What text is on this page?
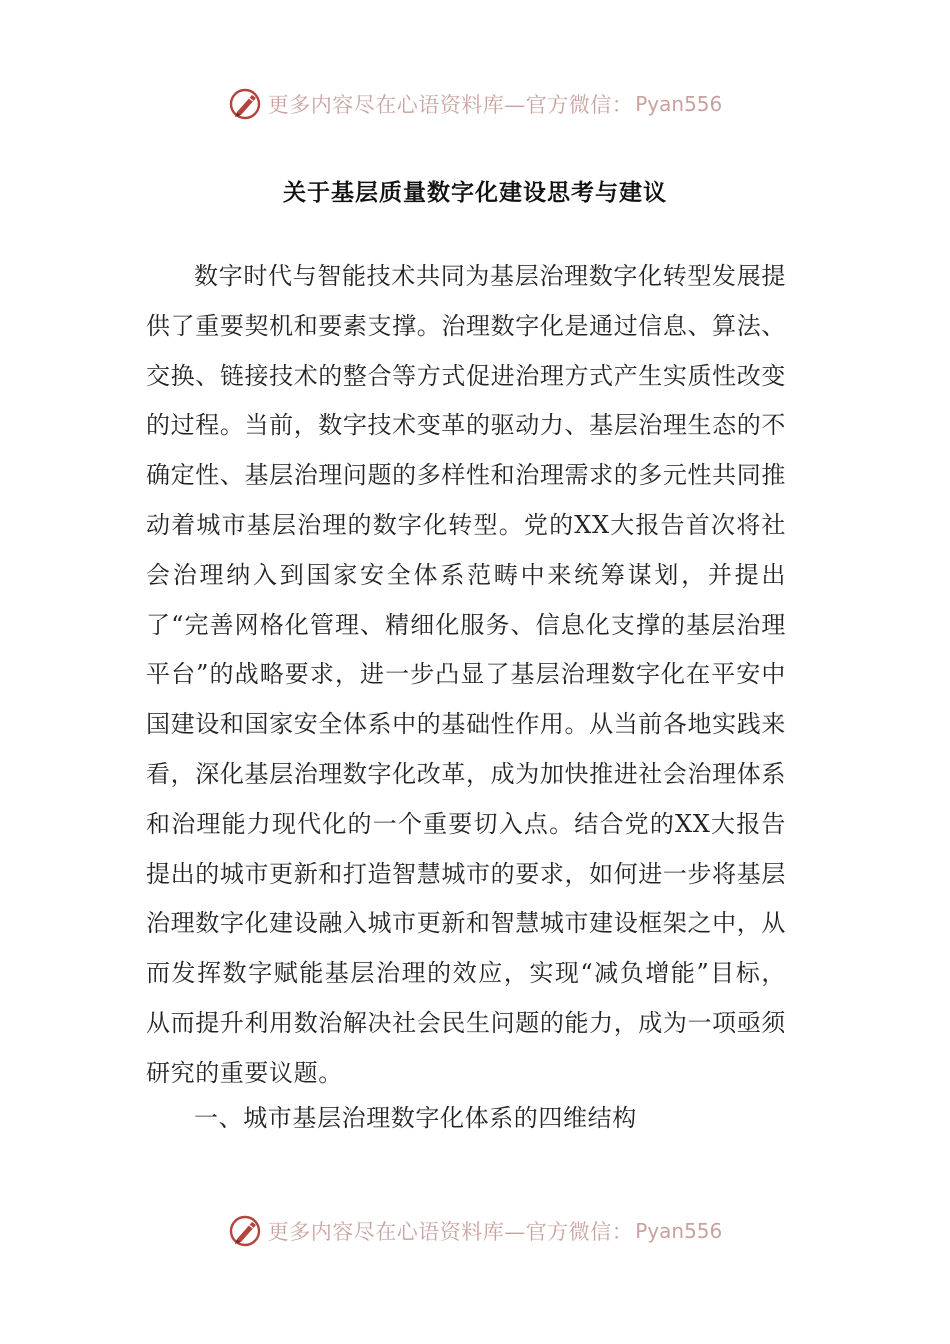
更多内容尽在心语资料库—官方微信： Pyan556
关于基层质量数字化建设思考与建议

数字时代与智能技术共同为基层治理数字化转型发展提供了重要契机和要素支撑。治理数字化是通过信息、算法、交换、链接技术的整合等方式促进治理方式产生实质性改变的过程。当前，数字技术变革的驱动力、基层治理生态的不确定性、基层治理问题的多样性和治理需求的多元性共同推动着城市基层治理的数字化转型。党的XX大报告首次将社会治理纳入到国家安全体系范畴中来统筹谋划，并提出了“完善网格化管理、精细化服务、信息化支撑的基层治理平台”的战略要求，进一步凸显了基层治理数字化在平安中国建设和国家安全体系中的基础性作用。从当前各地实践来看，深化基层治理数字化改革，成为加快推进社会治理体系和治理能力现代化的一个重要切入点。结合党的XX大报告提出的城市更新和打造智慧城市的要求，如何进一步将基层治理数字化建设融入城市更新和智慧城市建设框架之中，从而发挥数字赋能基层治理的效应，实现“减负增能”目标，从而提升利用数治解决社会民生问题的能力，成为一项亟须研究的重要议题。

一、城市基层治理数字化体系的四维结构

更多内容尽在心语资料库—官方微信： Pyan556
